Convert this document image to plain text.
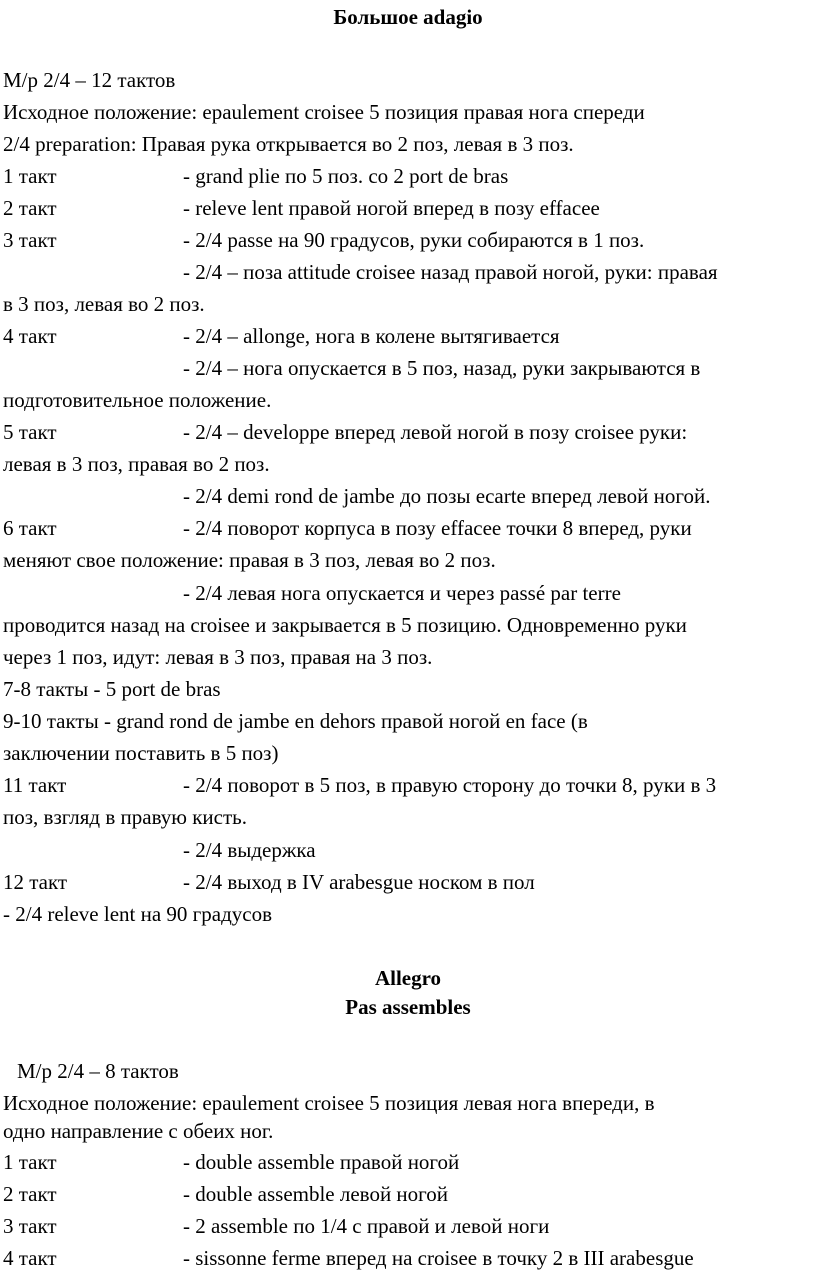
Большое adagio
М/р 2/4 – 12 тактов
Исходное положение: epaulement croisee 5 позиция правая нога спереди
2/4 preparation: Правая рука открывается во 2 поз, левая в 3 поз.
1 такт	- grand plie по 5 поз. со 2 port de bras
2 такт	- releve lent правой ногой вперед в позу effacee
3 такт	- 2/4 passe на 90 градусов, руки собираются в 1 поз.
- 2/4 – поза attitude croisee назад правой ногой, руки: правая
в 3 поз, левая во 2 поз.
4 такт	- 2/4 – allonge, нога в колене вытягивается
- 2/4 – нога опускается в 5 поз, назад, руки закрываются в
подготовительное положение.
5 такт	- 2/4 – developpe вперед левой ногой в позу croisee руки:
левая в 3 поз, правая во 2 поз.
- 2/4 demi rond de jambe до позы ecarte вперед левой ногой.
6 такт	- 2/4 поворот корпуса в позу effacee точки 8 вперед, руки
меняют свое положение: правая в 3 поз, левая во 2 поз.
- 2/4 левая нога опускается и через passé par terre
проводится назад на croisee и закрывается в 5 позицию. Одновременно руки
через 1 поз, идут: левая в 3 поз, правая на 3 поз.
7-8 такты - 5 port de bras
9-10 такты - grand rond de jambe en dehors правой ногой en face (в
заключении поставить в 5 поз)
11 такт	- 2/4 поворот в 5 поз, в правую сторону до точки 8, руки в 3
поз, взгляд в правую кисть.
- 2/4 выдержка
12 такт	- 2/4 выход в IV arabesgue носком в пол
- 2/4 releve lent на 90 градусов
Allegro
Pas assembles
М/р 2/4 – 8 тактов
Исходное положение: epaulement croisee 5 позиция левая нога впереди, в
одно направление с обеих ног.
1 такт	- double assemble правой ногой
2 такт	- double assemble левой ногой
3 такт	- 2 assemble по 1/4 с правой и левой ноги
4 такт	- sissonne ferme вперед на croisee в точку 2 в III arabesgue
